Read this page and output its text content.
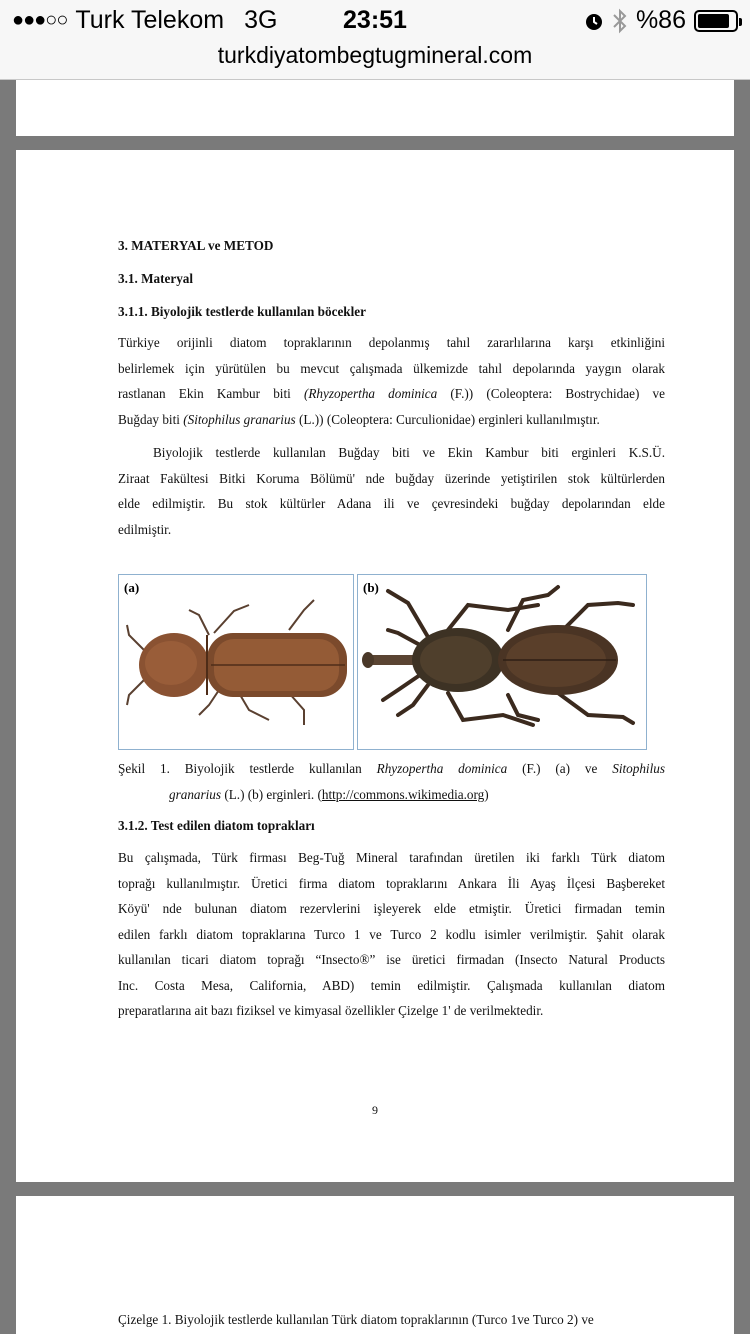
●●●○○ Turk Telekom 3G	23:51	%86
turkdiyatombegtugmineral.com
3. MATERYAL ve METOD
3.1. Materyal
3.1.1. Biyolojik testlerde kullanılan böcekler
Türkiye orijinli diatom topraklarının depolanmış tahıl zararlılarına karşı etkinliğini
belirlemek için yürütülen bu mevcut çalışmada ülkemizde tahıl depolarında yaygın olarak
rastlanan Ekin Kambur biti (Rhyzopertha dominica (F.)) (Coleoptera: Bostrychidae) ve
Buğday biti (Sitophilus granarius (L.)) (Coleoptera: Curculionidae) erginleri kullanılmıştır.
Biyolojik testlerde kullanılan Buğday biti ve Ekin Kambur biti erginleri K.S.Ü.
Ziraat Fakültesi Bitki Koruma Bölümü' nde buğday üzerinde yetiştirilen stok kültürlerden
elde edilmiştir. Bu stok kültürler Adana ili ve çevresindeki buğday depolarından elde
edilmiştir.
(a)	(b)
Şekil 1. Biyolojik testlerde kullanılan Rhyzopertha dominica (F.) (a) ve Sitophilus
granarius (L.) (b) erginleri. (http://commons.wikimedia.org)
3.1.2. Test edilen diatom toprakları
Bu çalışmada, Türk firması Beg-Tuğ Mineral tarafından üretilen iki farklı Türk diatom
toprağı kullanılmıştır. Üretici firma diatom topraklarını Ankara İli Ayaş İlçesi Başbereket
Köyü' nde bulunan diatom rezervlerini işleyerek elde etmiştir. Üretici firmadan temin
edilen farklı diatom topraklarına Turco 1 ve Turco 2 kodlu isimler verilmiştir. Şahit olarak
kullanılan ticari diatom toprağı “Insecto®” ise üretici firmadan (Insecto Natural Products
Inc. Costa Mesa, California, ABD) temin edilmiştir. Çalışmada kullanılan diatom
preparatlarına ait bazı fiziksel ve kimyasal özellikler Çizelge 1' de verilmektedir.
9
Çizelge 1. Biyolojik testlerde kullanılan Türk diatom topraklarının (Turco 1ve Turco 2) ve
